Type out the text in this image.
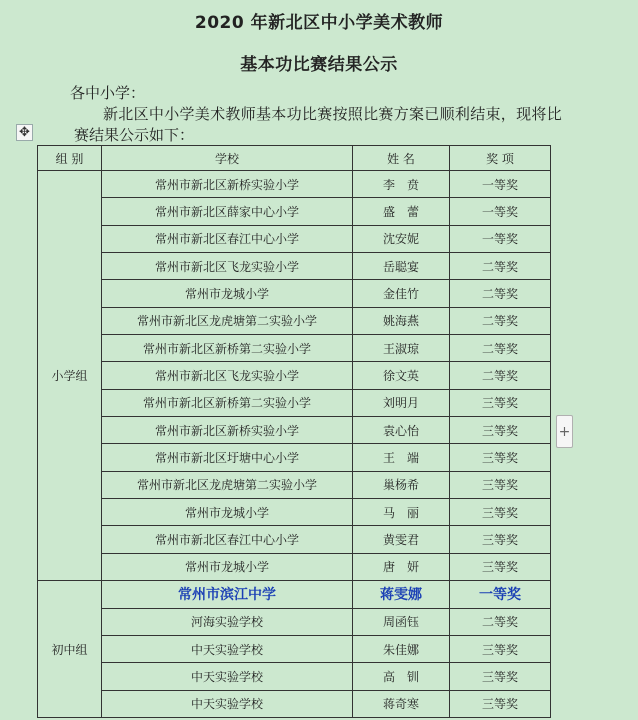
2020 年新北区中小学美术教师
基本功比赛结果公示
各中小学：
新北区中小学美术教师基本功比赛按照比赛方案已顺利结束，现将比
赛结果公示如下：
✥
+
组 别	学校	姓 名	奖 项
小学组	常州市新北区新桥实验小学	李　贲	一等奖
	常州市新北区薛家中心小学	盛　蕾	一等奖
	常州市新北区春江中心小学	沈安妮	一等奖
	常州市新北区飞龙实验小学	岳聪宴	二等奖
	常州市龙城小学	金佳竹	二等奖
	常州市新北区龙虎塘第二实验小学	姚海燕	二等奖
	常州市新北区新桥第二实验小学	王淑琼	二等奖
	常州市新北区飞龙实验小学	徐文英	二等奖
	常州市新北区新桥第二实验小学	刘明月	三等奖
	常州市新北区新桥实验小学	袁心怡	三等奖
	常州市新北区圩塘中心小学	王　端	三等奖
	常州市新北区龙虎塘第二实验小学	巢杨希	三等奖
	常州市龙城小学	马　丽	三等奖
	常州市新北区春江中心小学	黄雯君	三等奖
	常州市龙城小学	唐　妍	三等奖
初中组	常州市滨江中学	蒋雯娜	一等奖
	河海实验学校	周函钰	二等奖
	中天实验学校	朱佳娜	三等奖
	中天实验学校	高　钏	三等奖
	中天实验学校	蒋奇寒	三等奖
